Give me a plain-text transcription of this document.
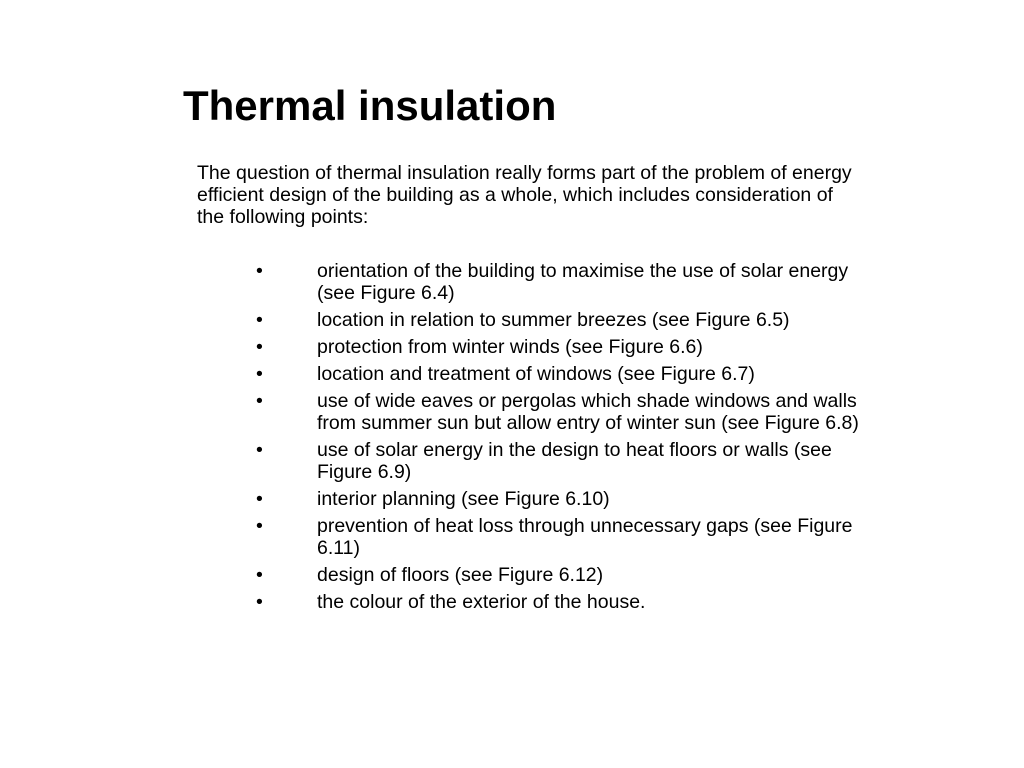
Thermal insulation

The question of thermal insulation really forms part of the problem of energy
efficient design of the building as a whole, which includes consideration of
the following points:

•	orientation of the building to maximise the use of solar energy
(see Figure 6.4)
•	location in relation to summer breezes (see Figure 6.5)
•	protection from winter winds (see Figure 6.6)
•	location and treatment of windows (see Figure 6.7)
•	use of wide eaves or pergolas which shade windows and walls
from summer sun but allow entry of winter sun (see Figure 6.8)
•	use of solar energy in the design to heat floors or walls (see
Figure 6.9)
•	interior planning (see Figure 6.10)
•	prevention of heat loss through unnecessary gaps (see Figure
6.11)
•	design of floors (see Figure 6.12)
•	the colour of the exterior of the house.
